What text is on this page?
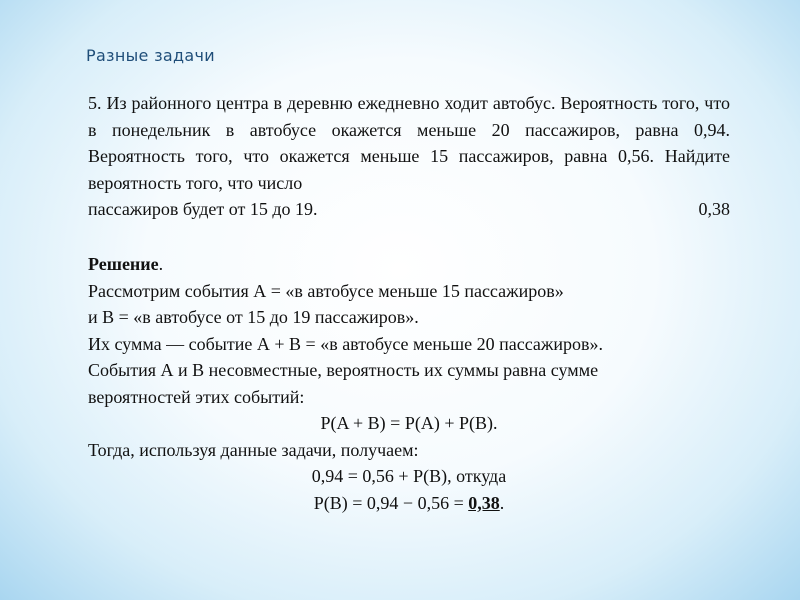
Разные задачи
5. Из районного центра в деревню ежедневно ходит автобус. Вероятность того, что в понедельник в автобусе окажется меньше 20 пассажиров, равна 0,94. Вероятность того, что окажется меньше 15 пассажиров, равна 0,56. Найдите вероятность того, что число
пассажиров будет от 15 до 19.	0,38
Решение.
Рассмотрим события А = «в автобусе меньше 15 пассажиров»
и В = «в автобусе от 15 до 19 пассажиров».
Их сумма — событие А + В = «в автобусе меньше 20 пассажиров».
События А и В несовместные, вероятность их суммы равна сумме
вероятностей этих событий:
P(A + B) = P(A) + P(B).
Тогда, используя данные задачи, получаем:
0,94 = 0,56 + P(B), откуда
P(B) = 0,94 − 0,56 = 0,38.
